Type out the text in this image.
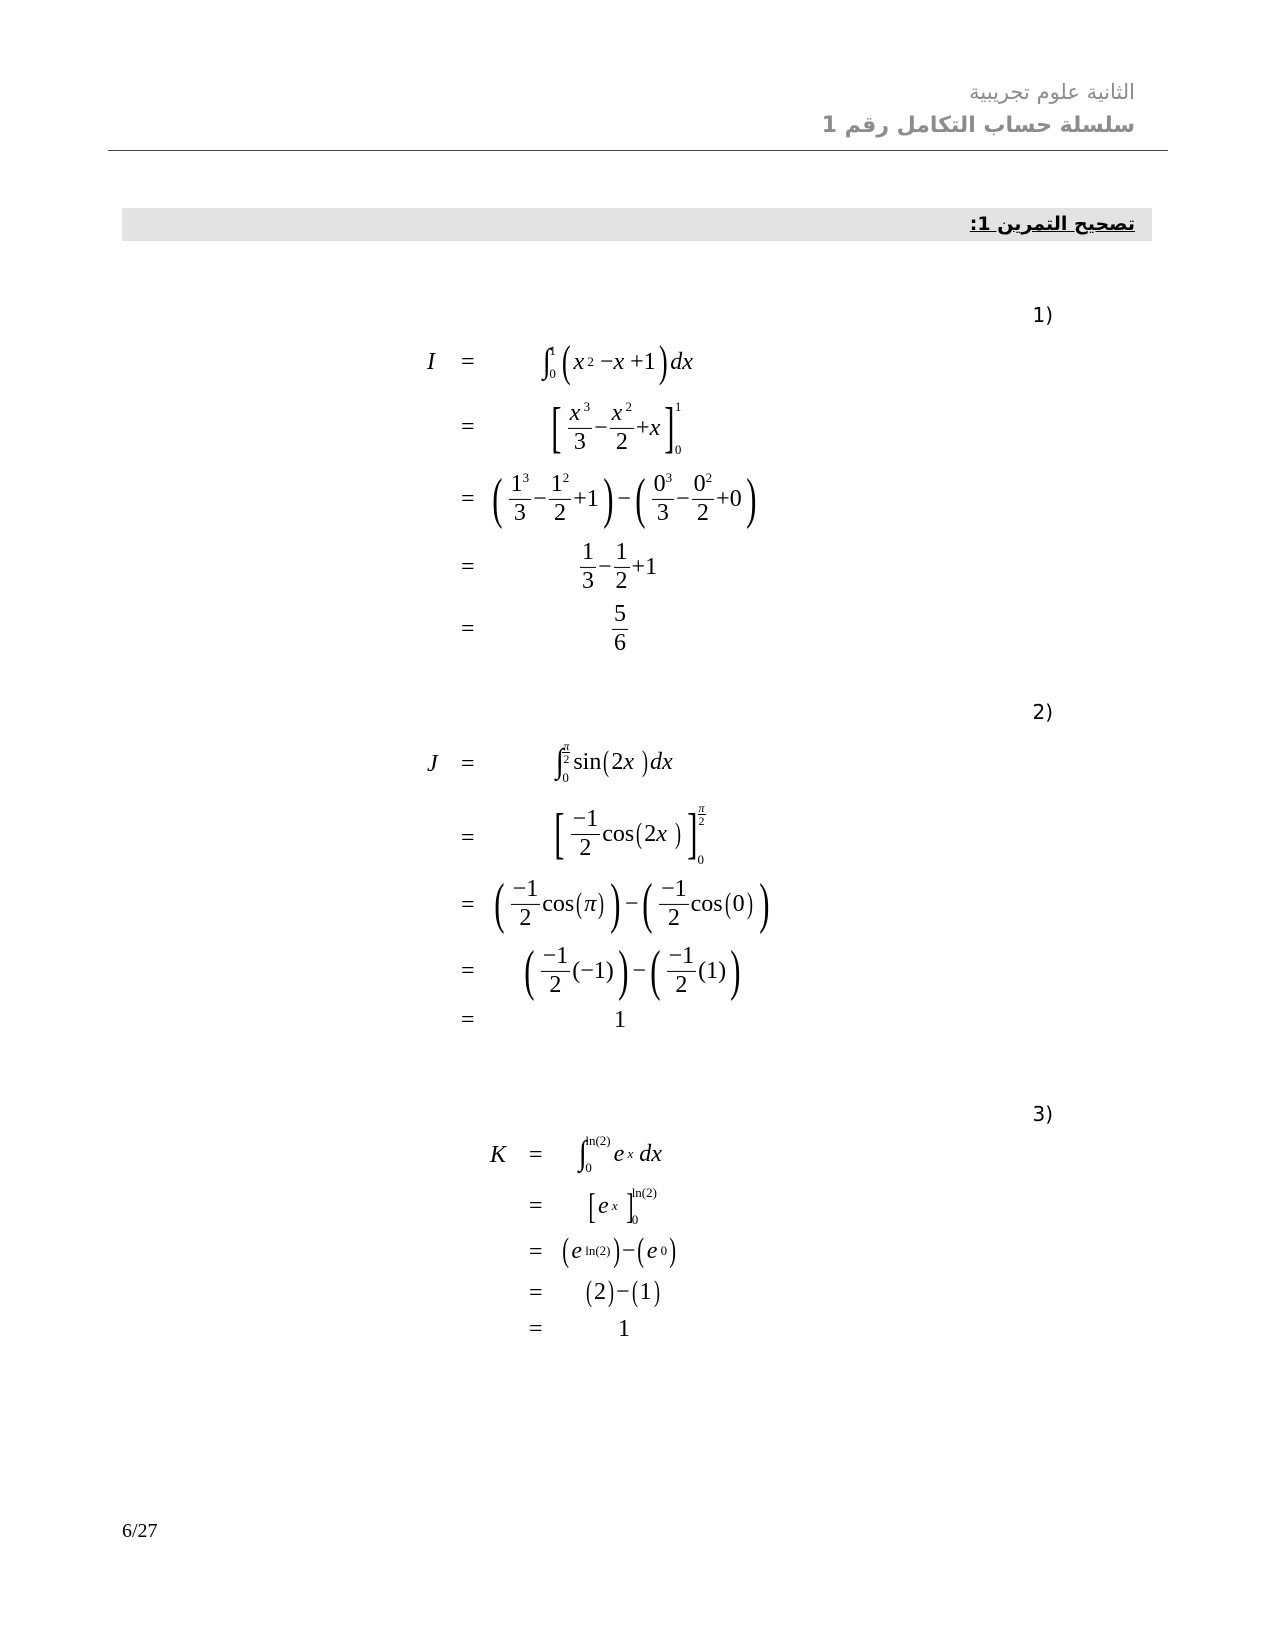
الثانية علوم تجريبية
سلسلة حساب التكامل رقم 1
تصحيح التمرين 1:
(1
I = ∫
1
0 ( x 2 − x +1 ) dx
= [ $\frac{x ^3}{3} - \frac{x ^2}{2} + x$ ] 1
0
= ( $\frac{1^3}{3} - \frac{1^2}{2} +1$ ) − ( $\frac{0^3}{3} - \frac{0^2}{2} +0$ )
=	$\frac{1}{3} - \frac{1}{2} +1$
=	$\frac{5}{6}$
(2
J = ∫ π
2
0
sin ( 2 x
) dx
= [ $\frac{-1}{2}$ cos ( 2 x
) ] π
2
0
= ( $\frac{-1}{2}$ cos ( π ) ) − ( $\frac{-1}{2}$ cos ( 0 ) )
= ( $\frac{-1}{2} (-1)$ ) − ( $\frac{-1}{2} (1)$ )
=	1
(3
K = ∫
ln(2)
0
e x
dx
= [ e x
]
ln(2)
0
= ( e ln(2) ) − ( e 0 )
= ( 2 ) − ( 1 )
=	1
6/27
